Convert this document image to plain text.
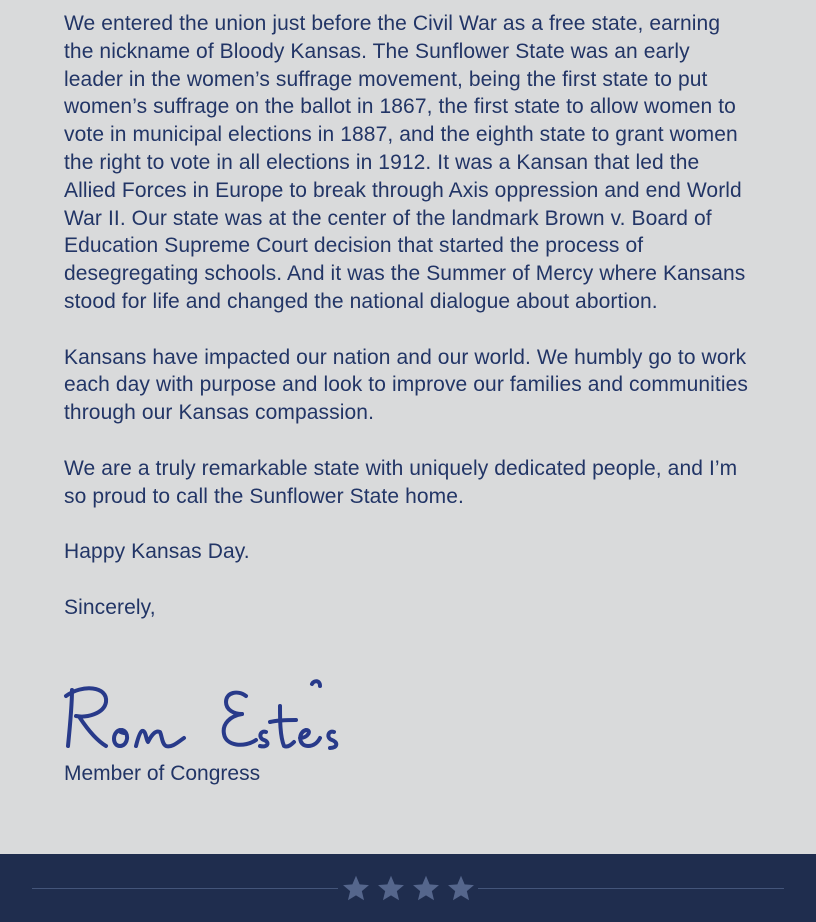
We entered the union just before the Civil War as a free state, earning the nickname of Bloody Kansas. The Sunflower State was an early leader in the women’s suffrage movement, being the first state to put women’s suffrage on the ballot in 1867, the first state to allow women to vote in municipal elections in 1887, and the eighth state to grant women the right to vote in all elections in 1912. It was a Kansan that led the Allied Forces in Europe to break through Axis oppression and end World War II. Our state was at the center of the landmark Brown v. Board of Education Supreme Court decision that started the process of desegregating schools. And it was the Summer of Mercy where Kansans stood for life and changed the national dialogue about abortion.

Kansans have impacted our nation and our world. We humbly go to work each day with purpose and look to improve our families and communities through our Kansas compassion.

We are a truly remarkable state with uniquely dedicated people, and I’m so proud to call the Sunflower State home.

Happy Kansas Day.

Sincerely,

Member of Congress
